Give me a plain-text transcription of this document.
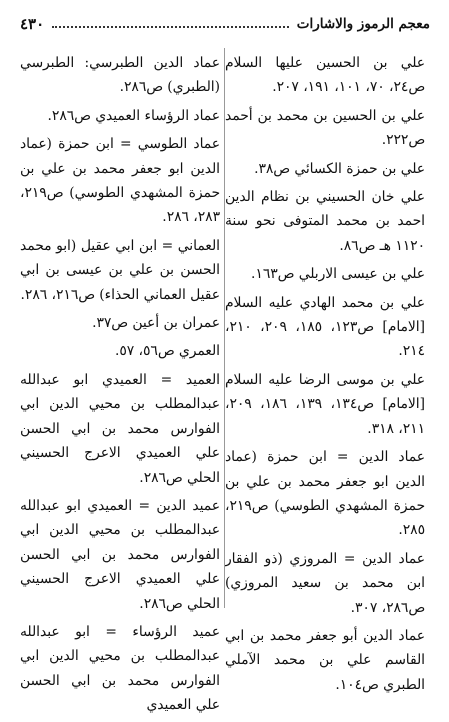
٤٣٠	معجم الرموز والاشارات
علي بن الحسين عليها السلام ص٢٤، ٧٠، ١٠١، ١٩١، ٢٠٧.
علي بن الحسين بن محمد بن أحمد ص٢٢٢.
علي بن حمزة الكسائي ص٣٨.
علي خان الحسيني بن نظام الدين احمد بن محمد المتوفى نحو سنة ١١٢٠ هـ ص٨٦.
علي بن عيسى الاربلي ص١٦٣.
علي بن محمد الهادي عليه السلام [الامام] ص١٢٣، ١٨٥، ٢٠٩، ٢١٠، ٢١٤.
علي بن موسى الرضا عليه السلام [الامام] ص١٣٤، ١٣٩، ١٨٦، ٢٠٩، ٢١١، ٣١٨.
عماد الدين = ابن حمزة (عماد الدين ابو جعفر محمد بن علي بن حمزة المشهدي الطوسي) ص٢١٩، ٢٨٥.
عماد الدين = المروزي (ذو الفقار ابن محمد بن سعيد المروزي) ص٢٨٦، ٣٠٧.
عماد الدين أبو جعفر محمد بن ابي القاسم علي بن محمد الآملي الطبري ص١٠٤.
عماد الدين الطبرسي: الطبرسي (الطبري) ص٢٨٦.
عماد الرؤساء العميدي ص٢٨٦.
عماد الطوسي = ابن حمزة (عماد الدين ابو جعفر محمد بن علي بن حمزة المشهدي الطوسي) ص٢١٩، ٢٨٣، ٢٨٦.
العماني = ابن ابي عقيل (ابو محمد الحسن بن علي بن عيسى بن ابي عقيل العماني الحذاء) ص٢١٦، ٢٨٦.
عمران بن أعين ص٣٧.
العمري ص٥٦، ٥٧.
العميد = العميدي ابو عبدالله عبدالمطلب بن محيي الدين ابي الفوارس محمد بن ابي الحسن علي العميدي الاعرج الحسيني الحلي ص٢٨٦.
عميد الدين = العميدي ابو عبدالله عبدالمطلب بن محيي الدين ابي الفوارس محمد بن ابي الحسن علي العميدي الاعرج الحسيني الحلي ص٢٨٦.
عميد الرؤساء = ابو عبدالله عبدالمطلب بن محيي الدين ابي الفوارس محمد بن ابي الحسن علي العميدي
